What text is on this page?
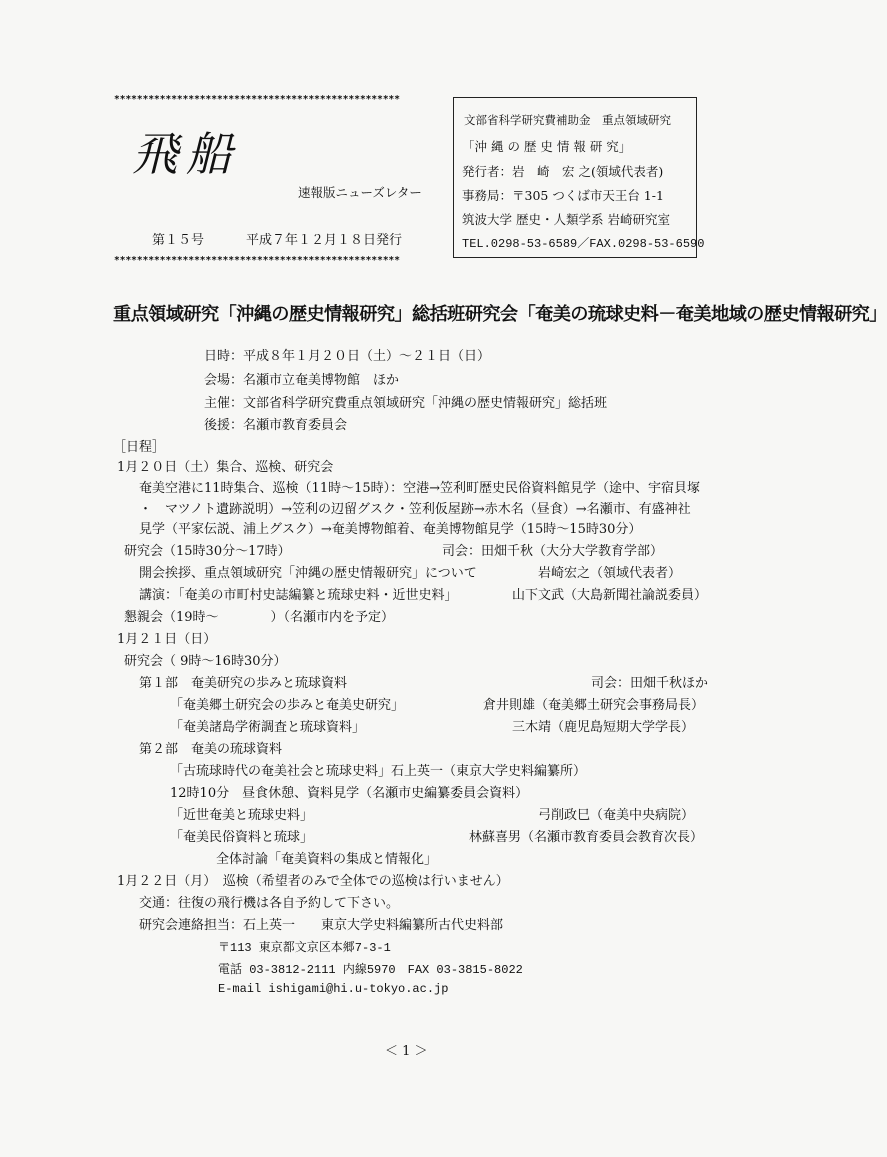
**************************************************
飛船
速報版ニューズレター
第１５号	平成７年１２月１８日発行
**************************************************
文部省科学研究費補助金　重点領域研究
「沖 縄 の 歴 史 情 報 研 究」
発行者：岩　崎　宏 之(領域代表者)
事務局：〒305 つくば市天王台 1-1
筑波大学 歴史・人類学系 岩崎研究室
TEL.0298-53-6589／FAX.0298-53-6590
重点領域研究「沖縄の歴史情報研究」総括班研究会「奄美の琉球史料－奄美地域の歴史情報研究」
日時：平成８年１月２０日（土）～２１日（日）
会場：名瀬市立奄美博物館　ほか
主催：文部省科学研究費重点領域研究「沖縄の歴史情報研究」総括班
後援：名瀬市教育委員会
［日程］
1月２０日（土）集合、巡検、研究会
奄美空港に11時集合、巡検（11時～15時）：空港→笠利町歴史民俗資料館見学（途中、宇宿貝塚
・　マツノト遺跡説明）→笠利の辺留グスク・笠利仮屋跡→赤木名（昼食）→名瀬市、有盛神社
見学（平家伝説、浦上グスク）→奄美博物館着、奄美博物館見学（15時～15時30分）
研究会（15時30分～17時）	司会：田畑千秋（大分大学教育学部）
開会挨拶、重点領域研究「沖縄の歴史情報研究」について	岩崎宏之（領域代表者）
講演：「奄美の市町村史誌編纂と琉球史料・近世史料」	山下文武（大島新聞社論説委員）
懇親会（19時～　　　　）（名瀬市内を予定）
1月２１日（日）
研究会（ 9時～16時30分）
第１部　奄美研究の歩みと琉球資料	司会：田畑千秋ほか
「奄美郷土研究会の歩みと奄美史研究」	倉井則雄（奄美郷土研究会事務局長）
「奄美諸島学術調査と琉球資料」	三木靖（鹿児島短期大学学長）
第２部　奄美の琉球資料
「古琉球時代の奄美社会と琉球史料」石上英一（東京大学史料編纂所）
12時10分　昼食休憩、資料見学（名瀬市史編纂委員会資料）
「近世奄美と琉球史料」	弓削政巳（奄美中央病院）
「奄美民俗資料と琉球」	林蘇喜男（名瀬市教育委員会教育次長）
全体討論「奄美資料の集成と情報化」
1月２２日（月）　巡検（希望者のみで全体での巡検は行いません）
交通：往復の飛行機は各自予約して下さい。
研究会連絡担当：石上英一　　東京大学史料編纂所古代史料部
〒113 東京都文京区本郷7-3-1
電話 03-3812-2111 内線5970　FAX 03-3815-8022
E-mail ishigami@hi.u-tokyo.ac.jp
＜ 1 ＞
